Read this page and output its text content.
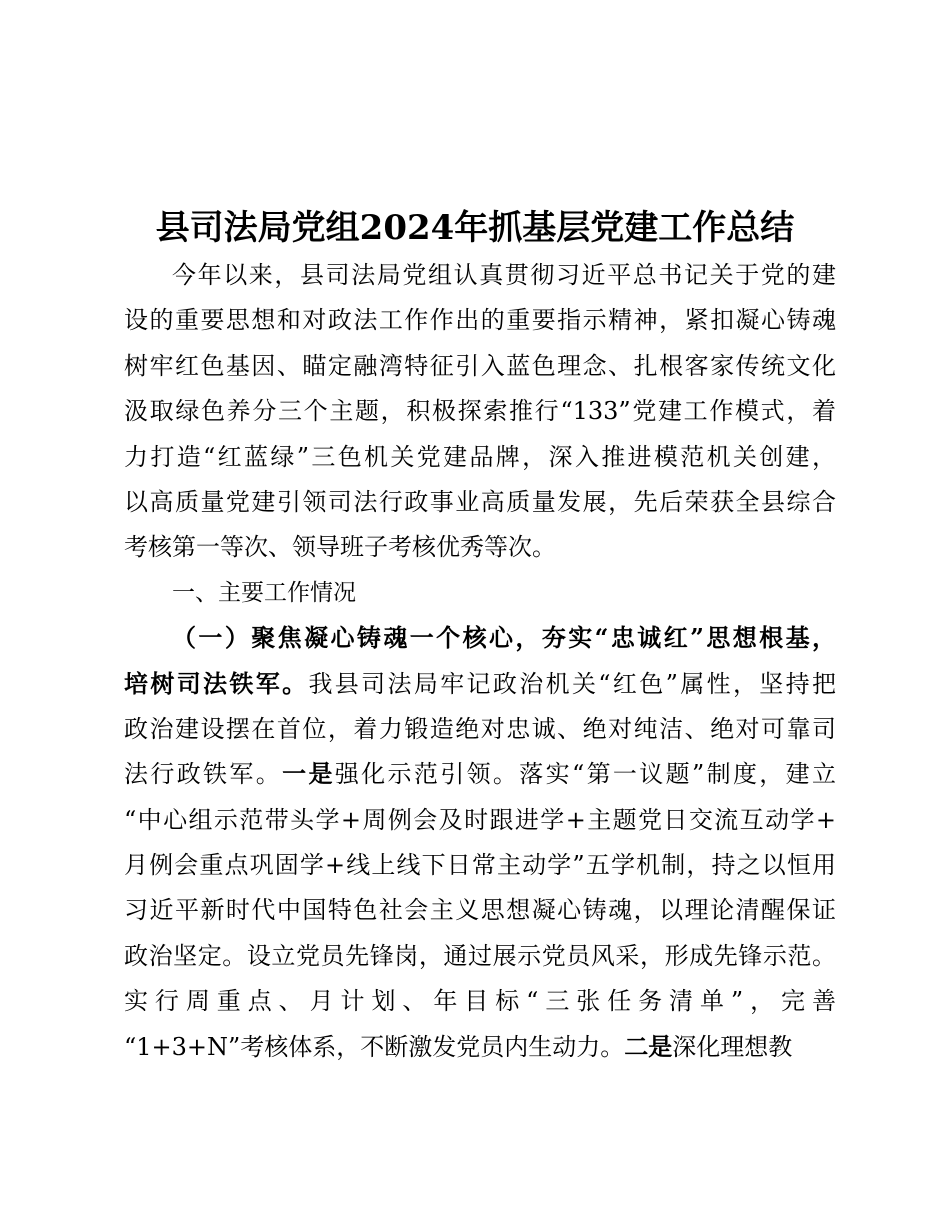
县司法局党组2024年抓基层党建工作总结
今年以来，县司法局党组认真贯彻习近平总书记关于党的建
设的重要思想和对政法工作作出的重要指示精神，紧扣凝心铸魂
树牢红色基因、瞄定融湾特征引入蓝色理念、扎根客家传统文化
汲取绿色养分三个主题，积极探索推行“133”党建工作模式，着
力打造“红蓝绿”三色机关党建品牌，深入推进模范机关创建，
以高质量党建引领司法行政事业高质量发展，先后荣获全县综合
考核第一等次、领导班子考核优秀等次。
一、主要工作情况
（一）聚焦凝心铸魂一个核心，夯实“忠诚红”思想根基，
培树司法铁军。我县司法局牢记政治机关“红色”属性，坚持把
政治建设摆在首位，着力锻造绝对忠诚、绝对纯洁、绝对可靠司
法行政铁军。一是强化示范引领。落实“第一议题”制度，建立
“中心组示范带头学+周例会及时跟进学+主题党日交流互动学+
月例会重点巩固学+线上线下日常主动学”五学机制，持之以恒用
习近平新时代中国特色社会主义思想凝心铸魂，以理论清醒保证
政治坚定。设立党员先锋岗，通过展示党员风采，形成先锋示范。
实行周重点、月计划、年目标“三张任务清单”，完善
“1+3+N”考核体系，不断激发党员内生动力。二是深化理想教
